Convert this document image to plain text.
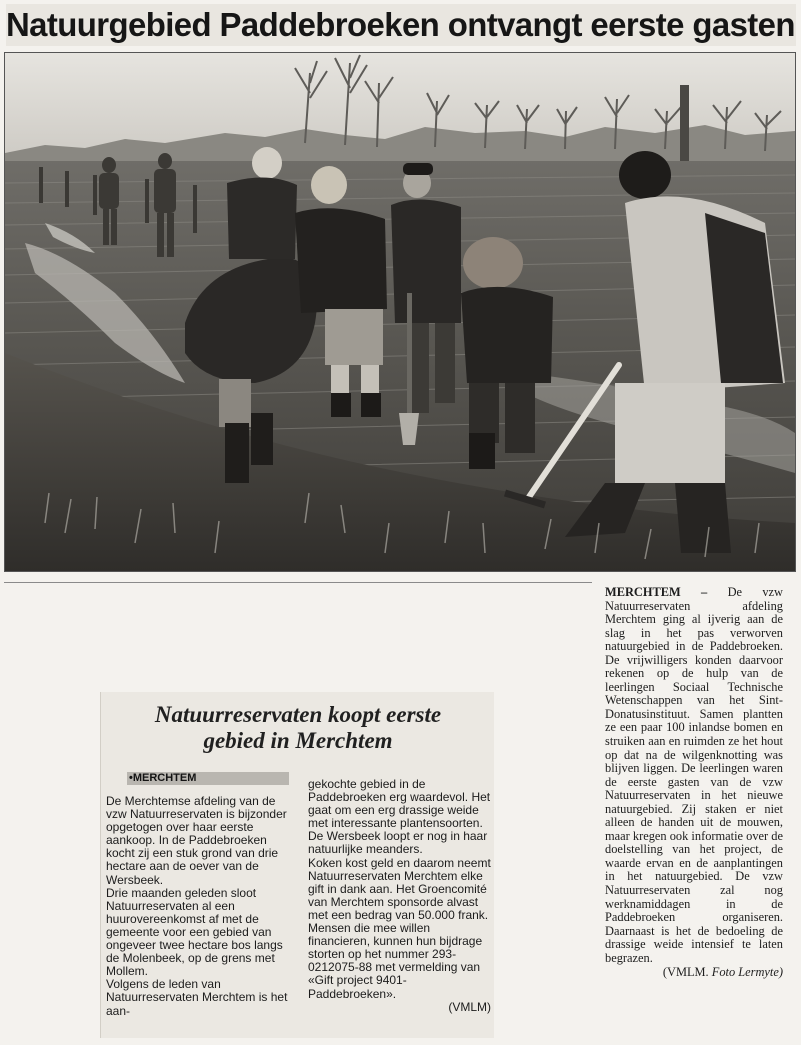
Natuurgebied Paddebroeken ontvangt eerste gasten
Natuurreservaten koopt eerste
gebied in Merchtem
•MERCHTEM

De Merchtemse afdeling van de vzw Natuurreservaten is bijzonder opgetogen over haar eerste aankoop. In de Paddebroeken kocht zij een stuk grond van drie hectare aan de oever van de Wersbeek.

Drie maanden geleden sloot Natuurreservaten al een huurovereenkomst af met de gemeente voor een gebied van ongeveer twee hectare bos langs de Molenbeek, op de grens met Mollem.

Volgens de leden van Natuurreservaten Merchtem is het aan-

gekochte gebied in de Paddebroeken erg waardevol. Het gaat om een erg drassige weide met interessante plantensoorten. De Wersbeek loopt er nog in haar natuurlijke meanders.

Koken kost geld en daarom neemt Natuurreservaten Merchtem elke gift in dank aan. Het Groencomité van Merchtem sponsorde alvast met een bedrag van 50.000 frank. Mensen die mee willen financieren, kunnen hun bijdrage storten op het nummer 293-0212075-88 met vermelding van «Gift project 9401-Paddebroeken».

(VMLM)

MERCHTEM – De vzw Natuurreservaten afdeling Merchtem ging al ijverig aan de slag in het pas verworven natuurgebied in de Paddebroeken. De vrijwilligers konden daarvoor rekenen op de hulp van de leerlingen Sociaal Technische Wetenschappen van het Sint-Donatusinstituut. Samen plantten ze een paar 100 inlandse bomen en struiken aan en ruimden ze het hout op dat na de wilgenknotting was blijven liggen. De leerlingen waren de eerste gasten van de vzw Natuurreservaten in het nieuwe natuurgebied. Zij staken er niet alleen de handen uit de mouwen, maar kregen ook informatie over de doelstelling van het project, de waarde ervan en de aanplantingen in het natuurgebied. De vzw Natuurreservaten zal nog werknamiddagen in de Paddebroeken organiseren. Daarnaast is het de bedoeling de drassige weide intensief te laten begrazen.

(VMLM. Foto Lermyte)
